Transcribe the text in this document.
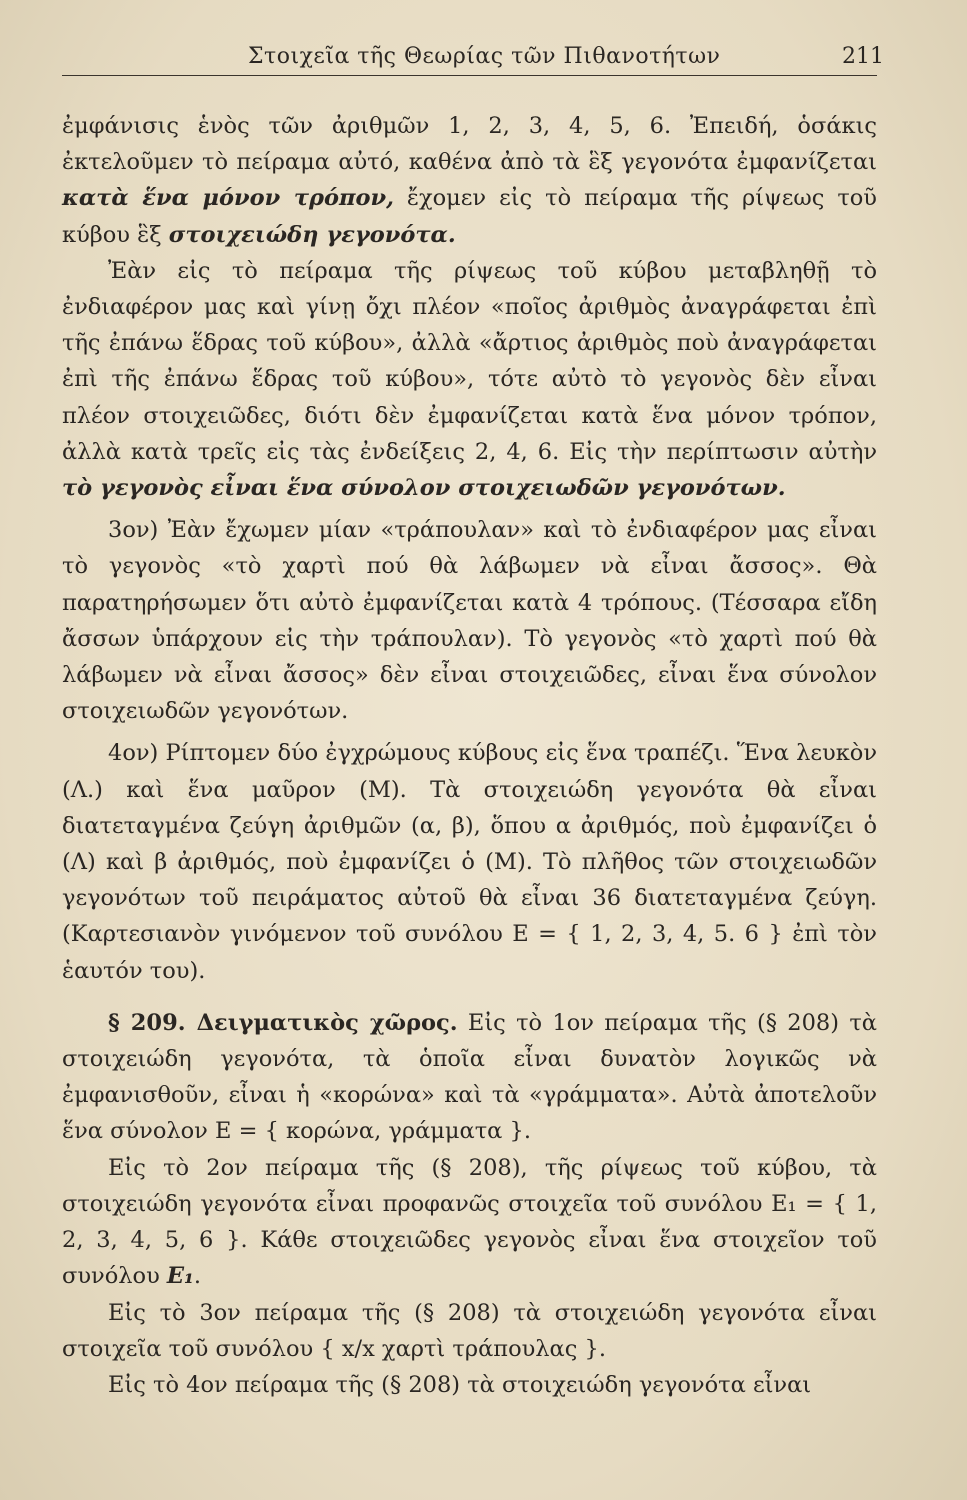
Στοιχεῖα τῆς Θεωρίας τῶν Πιθανοτήτων	211

ἐμφάνισις ἑνὸς τῶν ἀριθμῶν 1, 2, 3, 4, 5, 6. Ἐπειδή, ὁσάκις ἐκτελοῦμεν τὸ πείραμα αὐτό, καθένα ἀπὸ τὰ ἓξ γεγονότα ἐμφανίζεται κατὰ ἕνα μόνον τρόπον, ἔχομεν εἰς τὸ πείραμα τῆς ρίψεως τοῦ κύβου ἓξ στοιχειώδη γεγονότα.

Ἐὰν εἰς τὸ πείραμα τῆς ρίψεως τοῦ κύβου μεταβληθῇ τὸ ἐνδιαφέρον μας καὶ γίνῃ ὄχι πλέον «ποῖος ἀριθμὸς ἀναγράφεται ἐπὶ τῆς ἐπάνω ἕδρας τοῦ κύβου», ἀλλὰ «ἄρτιος ἀριθμὸς ποὺ ἀναγράφεται ἐπὶ τῆς ἐπάνω ἕδρας τοῦ κύβου», τότε αὐτὸ τὸ γεγονὸς δὲν εἶναι πλέον στοιχειῶδες, διότι δὲν ἐμφανίζεται κατὰ ἕνα μόνον τρόπον, ἀλλὰ κατὰ τρεῖς εἰς τὰς ἐνδείξεις 2, 4, 6. Εἰς τὴν περίπτωσιν αὐτὴν τὸ γεγονὸς εἶναι ἕνα σύνολον στοιχειωδῶν γεγονότων.

3ον) Ἐὰν ἔχωμεν μίαν «τράπουλαν» καὶ τὸ ἐνδιαφέρον μας εἶναι τὸ γεγονὸς «τὸ χαρτὶ πού θὰ λάβωμεν νὰ εἶναι ἄσσος». Θὰ παρατηρήσωμεν ὅτι αὐτὸ ἐμφανίζεται κατὰ 4 τρόπους. (Τέσσαρα εἴδη ἄσσων ὑπάρχουν εἰς τὴν τράπουλαν). Τὸ γεγονὸς «τὸ χαρτὶ πού θὰ λάβωμεν νὰ εἶναι ἄσσος» δὲν εἶναι στοιχειῶδες, εἶναι ἕνα σύνολον στοιχειωδῶν γεγονότων.

4ον) Ρίπτομεν δύο ἐγχρώμους κύβους εἰς ἕνα τραπέζι. Ἕνα λευκὸν (Λ.) καὶ ἕνα μαῦρον (Μ). Τὰ στοιχειώδη γεγονότα θὰ εἶναι διατεταγμένα ζεύγη ἀριθμῶν (α, β), ὅπου α ἀριθμός, ποὺ ἐμφανίζει ὁ (Λ) καὶ β ἀριθμός, ποὺ ἐμφανίζει ὁ (Μ). Τὸ πλῆθος τῶν στοιχειωδῶν γεγονότων τοῦ πειράματος αὐτοῦ θὰ εἶναι 36 διατεταγμένα ζεύγη. (Καρτεσιανὸν γινόμενον τοῦ συνόλου Ε = { 1, 2, 3, 4, 5. 6 } ἐπὶ τὸν ἑαυτόν του).

§ 209. Δειγματικὸς χῶρος. Εἰς τὸ 1ον πείραμα τῆς (§ 208) τὰ στοιχειώδη γεγονότα, τὰ ὁποῖα εἶναι δυνατὸν λογικῶς νὰ ἐμφανισθοῦν, εἶναι ἡ «κορώνα» καὶ τὰ «γράμματα». Αὐτὰ ἀποτελοῦν ἕνα σύνολον Ε = { κορώνα, γράμματα }.

Εἰς τὸ 2ον πείραμα τῆς (§ 208), τῆς ρίψεως τοῦ κύβου, τὰ στοιχειώδη γεγονότα εἶναι προφανῶς στοιχεῖα τοῦ συνόλου Ε₁ = { 1, 2, 3, 4, 5, 6 }. Κάθε στοιχειῶδες γεγονὸς εἶναι ἕνα στοιχεῖον τοῦ συνόλου Ε₁.

Εἰς τὸ 3ον πείραμα τῆς (§ 208) τὰ στοιχειώδη γεγονότα εἶναι στοιχεῖα τοῦ συνόλου { x/x χαρτὶ τράπουλας }.

Εἰς τὸ 4ον πείραμα τῆς (§ 208) τὰ στοιχειώδη γεγονότα εἶναι
